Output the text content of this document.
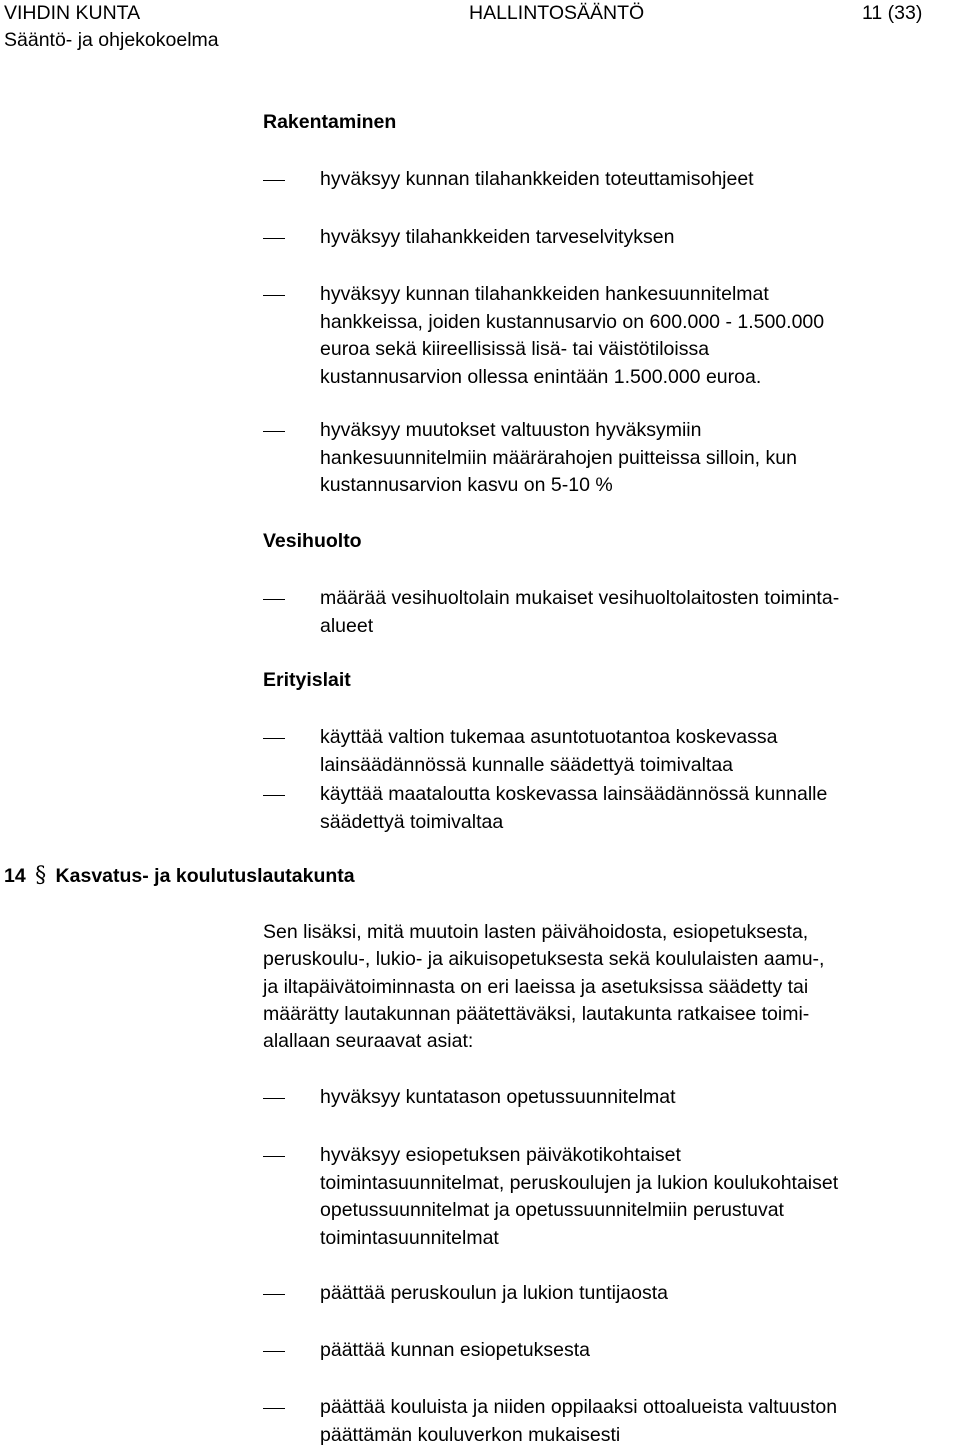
VIHDIN KUNTA	HALLINTOSÄÄNTÖ	11 (33)
Sääntö- ja ohjekokoelma
Rakentaminen
Vesihuolto
Erityislait
14 § Kasvatus- ja koulutuslautakunta
Sen lisäksi, mitä muutoin lasten päivähoidosta, esiopetuksesta,
peruskoulu-, lukio- ja aikuisopetuksesta sekä koululaisten aamu-,
ja iltapäivätoiminnasta on eri laeissa ja asetuksissa säädetty tai
määrätty lautakunnan päätettäväksi, lautakunta ratkaisee toimi-
alallaan seuraavat asiat:
hyväksyy kunnan tilahankkeiden toteuttamisohjeet
hyväksyy tilahankkeiden tarveselvityksen
hyväksyy kunnan tilahankkeiden hankesuunnitelmat
hankkeissa, joiden kustannusarvio on 600.000 - 1.500.000
euroa sekä kiireellisissä lisä- tai väistötiloissa
kustannusarvion ollessa enintään 1.500.000 euroa.
hyväksyy muutokset valtuuston hyväksymiin
hankesuunnitelmiin määrärahojen puitteissa silloin, kun
kustannusarvion kasvu on 5-10 %
määrää vesihuoltolain mukaiset vesihuoltolaitosten toiminta-
alueet
käyttää valtion tukemaa asuntotuotantoa koskevassa
lainsäädännössä kunnalle säädettyä toimivaltaa
käyttää maataloutta koskevassa lainsäädännössä kunnalle
säädettyä toimivaltaa
hyväksyy kuntatason opetussuunnitelmat
hyväksyy esiopetuksen päiväkotikohtaiset
toimintasuunnitelmat, peruskoulujen ja lukion koulukohtaiset
opetussuunnitelmat ja opetussuunnitelmiin perustuvat
toimintasuunnitelmat
päättää peruskoulun ja lukion tuntijaosta
päättää kunnan esiopetuksesta
päättää kouluista ja niiden oppilaaksi ottoalueista valtuuston
päättämän kouluverkon mukaisesti
